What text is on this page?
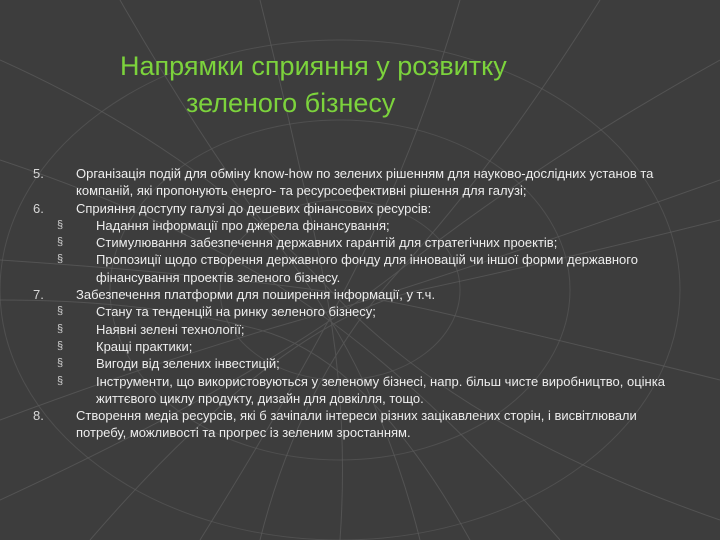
Напрямки сприяння у розвитку
зеленого бізнесу
5. Організація подій для обміну know-how по зелених рішенням для науково-дослідних установ та компаній, які пропонують енерго- та ресурсоефективні рішення для галузі;
6. Сприяння доступу галузі до дешевих фінансових ресурсів:
§	Надання інформації про джерела фінансування;
§	Стимулювання забезпечення державних гарантій для стратегічних проектів;
§	Пропозиції щодо створення державного фонду для інновацій чи іншої форми державного фінансування проектів зеленого бізнесу.
7. Забезпечення платформи для поширення інформації, у т.ч.
§	Стану та тенденцій на ринку зеленого бізнесу;
§	Наявні зелені технології;
§	Кращі практики;
§	Вигоди від зелених інвестицій;
§	Інструменти, що використовуються у зеленому бізнесі, напр. більш чисте виробництво, оцінка життєвого циклу продукту, дизайн для довкілля, тощо.
8. Створення медіа ресурсів, які б зачіпали інтереси різних зацікавлених сторін, і висвітлювали потребу, можливості та прогрес із зеленим зростанням.
